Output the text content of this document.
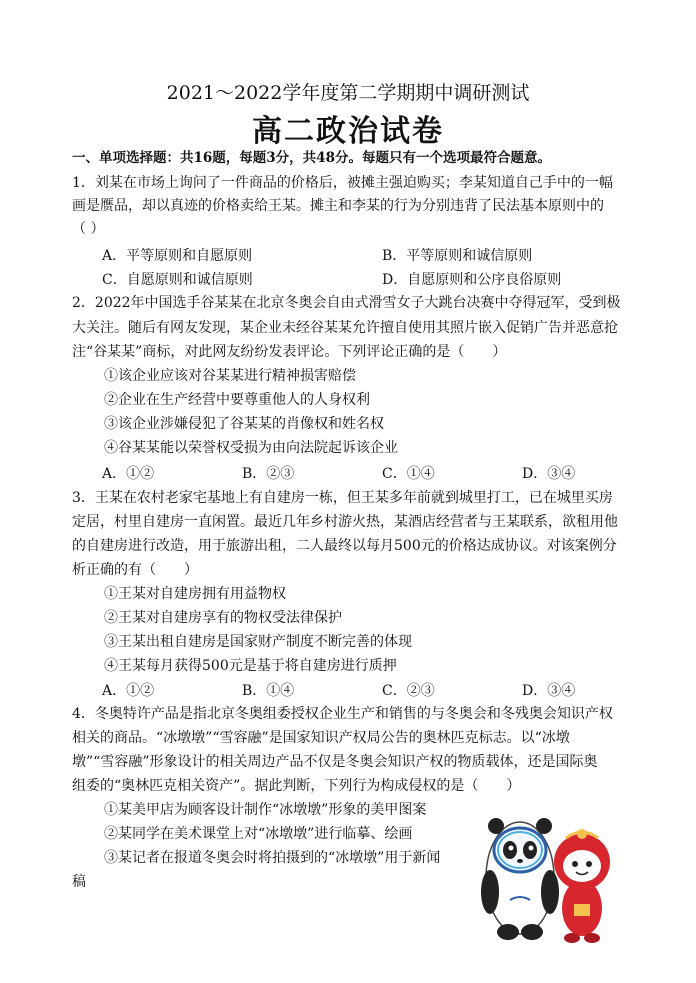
2021～2022学年度第二学期期中调研测试
高二政治试卷
一、单项选择题：共16题，每题3分，共48分。每题只有一个选项最符合题意。
1．刘某在市场上询问了一件商品的价格后，被摊主强迫购买；李某知道自己手中的一幅
画是赝品，却以真迹的价格卖给王某。摊主和李某的行为分别违背了民法基本原则中的
（ ）
A．平等原则和自愿原则	B．平等原则和诚信原则
C．自愿原则和诚信原则	D．自愿原则和公序良俗原则
2．2022年中国选手谷某某在北京冬奥会自由式滑雪女子大跳台决赛中夺得冠军，受到极
大关注。随后有网友发现，某企业未经谷某某允许擅自使用其照片嵌入促销广告并恶意抢
注“谷某某”商标，对此网友纷纷发表评论。下列评论正确的是（　　）
①该企业应该对谷某某进行精神损害赔偿
②企业在生产经营中要尊重他人的人身权利
③该企业涉嫌侵犯了谷某某的肖像权和姓名权
④谷某某能以荣誉权受损为由向法院起诉该企业
A．①②	B．②③	C．①④	D．③④
3．王某在农村老家宅基地上有自建房一栋，但王某多年前就到城里打工，已在城里买房
定居，村里自建房一直闲置。最近几年乡村游火热，某酒店经营者与王某联系，欲租用他
的自建房进行改造，用于旅游出租，二人最终以每月500元的价格达成协议。对该案例分
析正确的有（　　）
①王某对自建房拥有用益物权
②王某对自建房享有的物权受法律保护
③王某出租自建房是国家财产制度不断完善的体现
④王某每月获得500元是基于将自建房进行质押
A．①②	B．①④	C．②③	D．③④
4．冬奥特许产品是指北京冬奥组委授权企业生产和销售的与冬奥会和冬残奥会知识产权
相关的商品。“冰墩墩”“雪容融”是国家知识产权局公告的奥林匹克标志。以“冰墩
墩”“雪容融”形象设计的相关周边产品不仅是冬奥会知识产权的物质载体，还是国际奥
组委的“奥林匹克相关资产”。据此判断，下列行为构成侵权的是（　　）
①某美甲店为顾客设计制作“冰墩墩”形象的美甲图案
②某同学在美术课堂上对“冰墩墩”进行临摹、绘画
③某记者在报道冬奥会时将拍摄到的“冰墩墩”用于新闻
稿
